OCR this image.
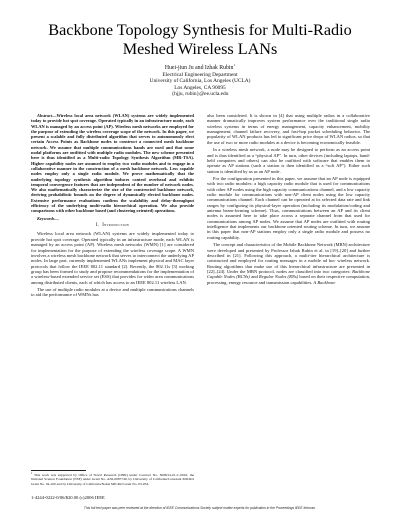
Backbone Topology Synthesis for Multi-Radio
Meshed Wireless LANs
Huei-jiun Ju and Izhak Rubin$^1$
Electrical Engineering Department
University of California, Los Angeles (UCLA)
Los Angeles, CA 90095
{hjju, rubin}@ee.ucla.edu

Abstract—Wireless local area network (WLAN) systems are widely implemented today to provide hot spot coverage. Operated typically in an infrastructure mode, each WLAN is managed by an access point (AP). Wireless mesh networks are employed for the purpose of extending the wireless coverage scope of the network. In this paper, we present a scalable and fully distributed algorithm that serves to autonomously elect certain Access Points as Backbone nodes to construct a connected mesh backbone network. We assume that multiple communications bands are used and that some nodal platforms are outfitted with multiple radio modules. The new scheme presented here is thus identified as a Multi-radio Topology Synthesis Algorithm (MR-TSA). Higher capability nodes are assumed to employ two radio modules and to engage in a collaborative manner in the construction of a mesh backbone network. Less capable nodes employ only a single radio module. We prove mathematically that the underlying topology synthesis algorithm induces control overhead and exhibits temporal convergence features that are independent of the number of network nodes. We also mathematically characterize the size of the constructed backbone network, deriving probabilistic bounds on the degree of dynamically elected backbone nodes. Extensive performance evaluations confirm the scalability and delay-throughput efficiency of the underlying multi-radio hierarchical operation. We also provide comparisons with other backbone based (and clustering oriented) operations.

Keywords—

I. Introduction

Wireless local area network (WLAN) systems are widely implemented today to provide hot spot coverage. Operated typically in an infrastructure mode, each WLAN is managed by an access point (AP). Wireless mesh networks (WMN) [1] are considered for implementation for the purpose of extending the wireless coverage scope. A WMN involves a wireless mesh backbone network that serves to interconnect the underlying AP nodes. In large part, currently implemented WLANs implement physical and MAC layer protocols that follow the IEEE 802.11 standard [2]. Recently, the 802.11s [3] working group has been formed to study and propose recommendations for the implementation of a wireless-based extended service set (ESS) that provides for wider area communications among distributed clients, each of which has access to an IEEE 802.11 wireless LAN.

The use of multiple radio modules at a device and multiple communications channels to aid the performance of WMNs has

also been considered. It is shown in [4] that using multiple radios in a collaborative manner dramatically improves system performance over the traditional single radio wireless systems in terms of energy management, capacity enhancement, mobility management, channel failure recovery, and fast-hop packet scheduling behavior. The popularity of WLAN products has led to significant price drops of WLAN radios, so that the use of two or more radio modules at a device is becoming economically feasible.

In a wireless mesh network, a node may be designed to perform as an access point and is thus identified as a “physical AP”. In turn, other devices (including laptops, hand-held computers and others) can also be outfitted with software that enables them to operate as AP stations (such a station is then identified as a “soft AP”). Either such station is identified by us as an AP node.

For the configuration presented in this paper, we assume that an AP node is equipped with two radio modules: a high capacity radio module that is used for communications with other AP nodes using the high capacity communications channel, and a low capacity radio module for communications with non-AP client nodes using the low capacity communications channel. Each channel can be operated at its selected data rate and link ranges by configuring its physical-layer operation (including its modulation/coding and antenna beam-forming scheme). Thus, communications between an AP and its client nodes is assumed here to take place across a separate channel from that used for communications among AP nodes. We assume that AP nodes are outfitted with routing intelligence that implements our backbone oriented routing scheme. In turn, we assume in this paper that non-AP stations employ only a single radio module and possess no routing capability.

The concept and characteristics of the Mobile Backbone Network (MBN) architecture were developed and presented by Professor Izhak Rubin et al. in [19]–[20] and further described in [21]. Following this approach, a multi-tier hierarchical architecture is constructed and employed for routing messages in a mobile ad hoc wireless network. Routing algorithms that make use of this hierarchical infrastructure are presented in [22]–[24]. Under the MBN protocol, nodes are classified into two categories: Backbone Capable Nodes (BCNs) and Regular Nodes (RNs) based on their respective computation, processing, energy resource and transmission capabilities. A Backbone

$^1$ This work was supported by Office of Naval Research (ONR) under Contract No. N00014-01-C-0016, the National Science Foundation (NSF) under Grant No. ANI-0087749, by University of California/Conexant MICRO Grant No. 04-100 and by University of California/Nokia MICRO Grant No. 03-034.
1-4244-0222-0/06/$20.00 (c)2006 IEEE
This full text paper was peer reviewed at the direction of IEEE Communications Society subject matter experts for publication in the Proceedings IEEE Infocom.
